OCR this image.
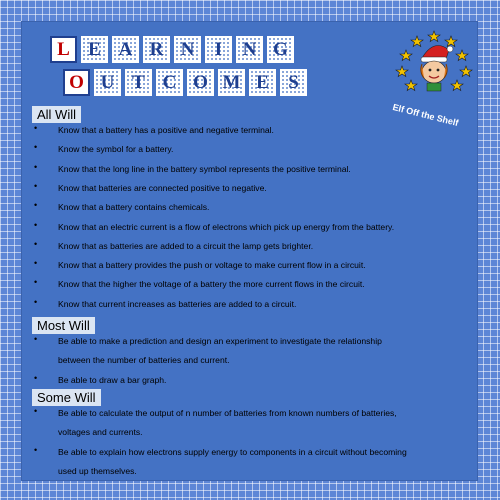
L E A R N I N G
O U T C O M E S
Elf Off the Shelf
All Will
• Know that a battery has a positive and negative terminal.
• Know the symbol for a battery.
• Know that the long line in the battery symbol represents the positive terminal.
• Know that batteries are connected positive to negative.
• Know that a battery contains chemicals.
• Know that an electric current is a flow of electrons which pick up energy from the battery.
• Know that as batteries are added to a circuit the lamp gets brighter.
• Know that a battery provides the push or voltage to make current flow in a circuit.
• Know that the higher the voltage of a battery the more current flows in the circuit.
• Know that current increases as batteries are added to a circuit.
Most Will
• Be able to make a prediction and design an experiment to investigate the relationship
between the number of batteries and current.
• Be able to draw a bar graph.
Some Will
• Be able to calculate the output of n number of batteries from known numbers of batteries,
voltages and currents.
• Be able to explain how electrons supply energy to components in a circuit without becoming
used up themselves.
